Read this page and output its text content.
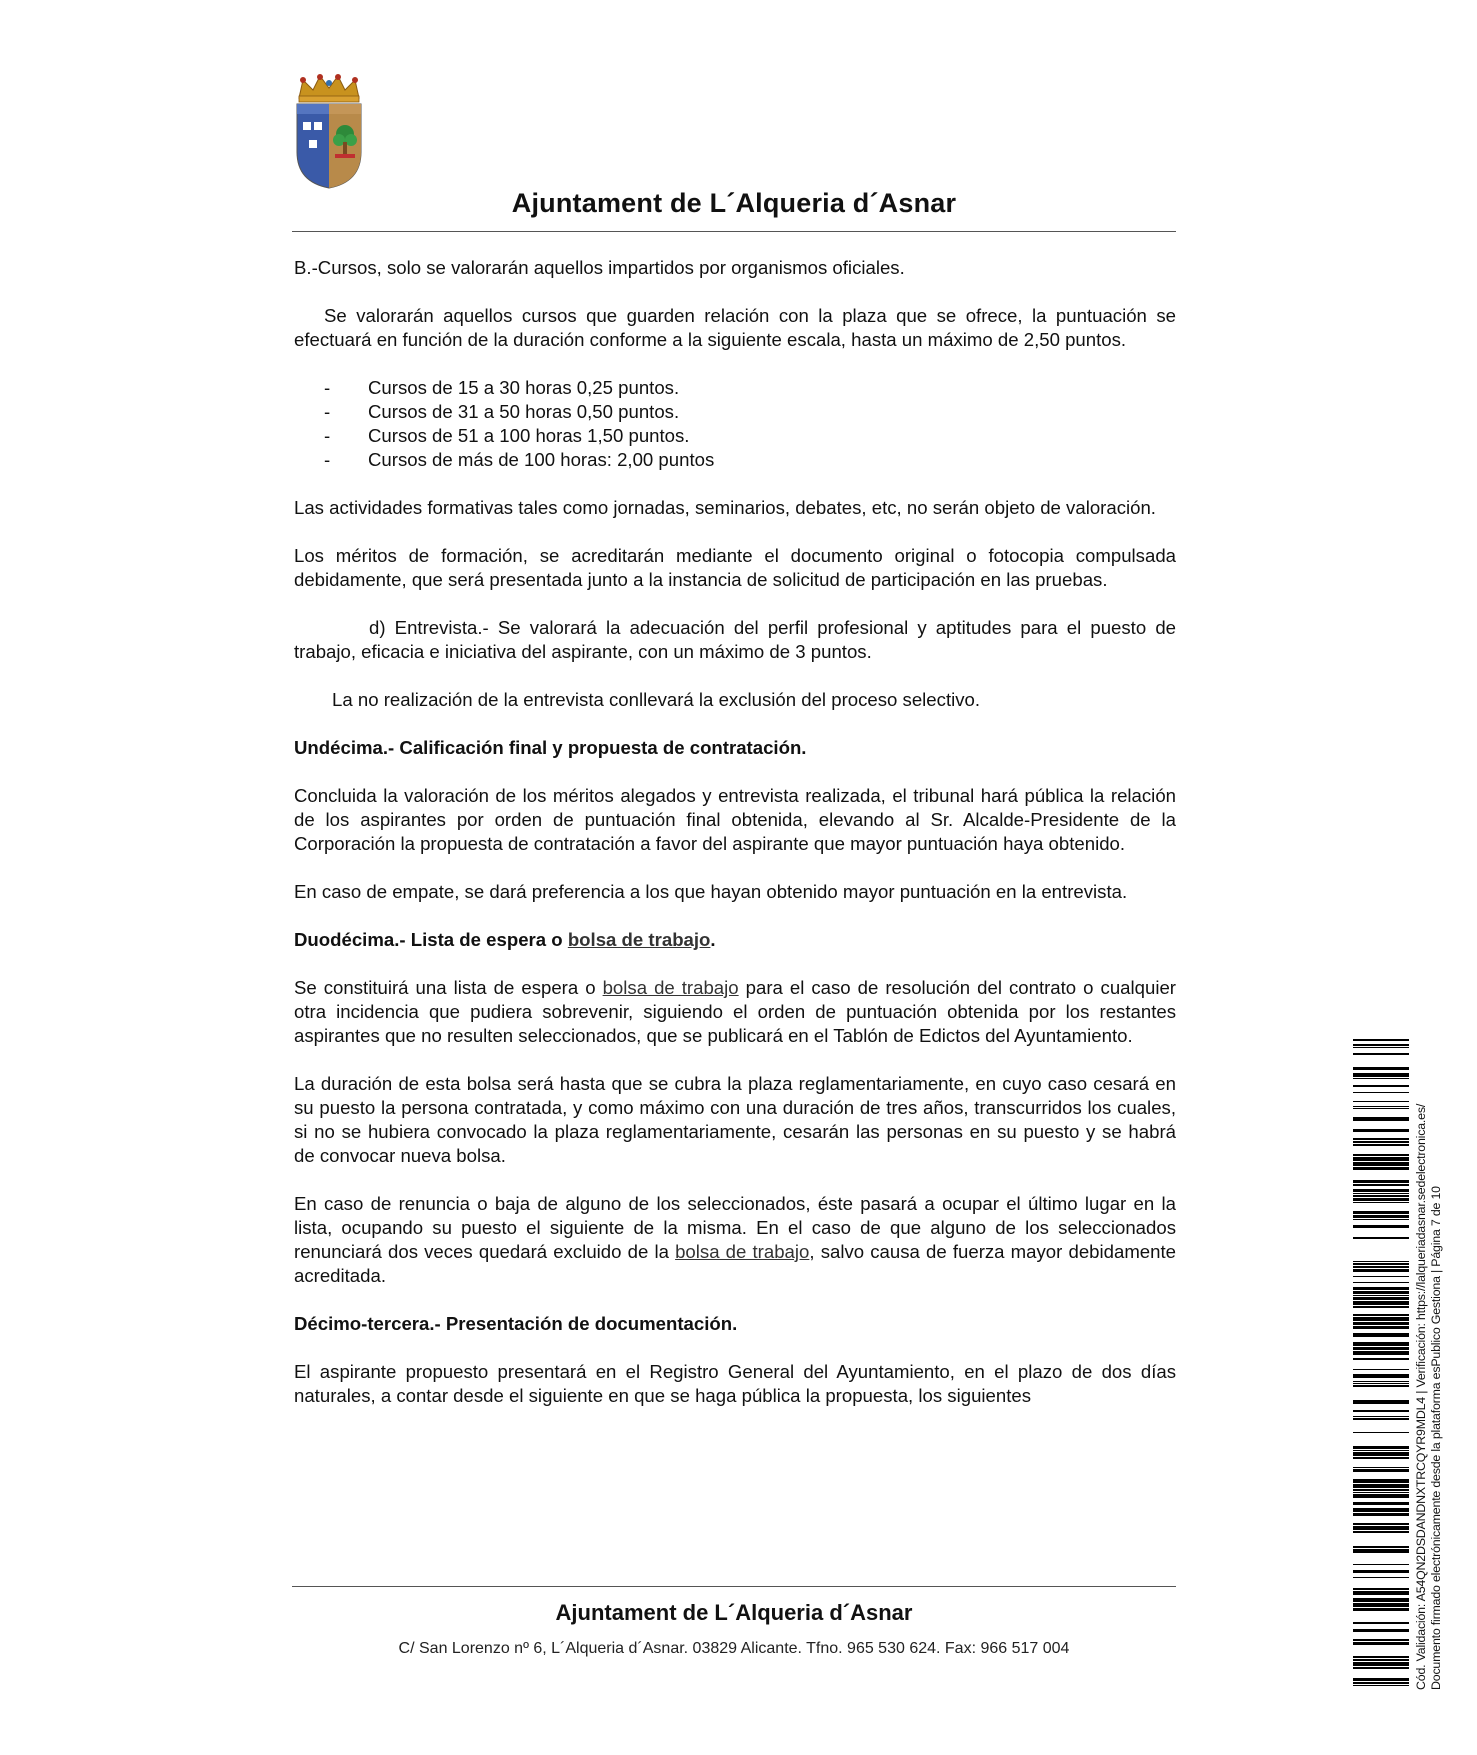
Ajuntament de L´Alqueria d´Asnar

B.-Cursos, solo se valorarán aquellos impartidos por organismos oficiales.

Se valorarán aquellos cursos que guarden relación con la plaza que se ofrece, la puntuación se efectuará en función de la duración conforme a la siguiente escala, hasta un máximo de 2,50 puntos.

- Cursos de 15 a 30 horas 0,25 puntos.
- Cursos de 31 a 50 horas 0,50 puntos.
- Cursos de 51 a 100 horas 1,50 puntos.
- Cursos de más de 100 horas: 2,00 puntos

Las actividades formativas tales como jornadas, seminarios, debates, etc, no serán objeto de valoración.

Los méritos de formación, se acreditarán mediante el documento original o fotocopia compulsada debidamente, que será presentada junto a la instancia de solicitud de participación en las pruebas.

d) Entrevista.- Se valorará la adecuación del perfil profesional y aptitudes para el puesto de trabajo, eficacia e iniciativa del aspirante, con un máximo de 3 puntos.

La no realización de la entrevista conllevará la exclusión del proceso selectivo.

Undécima.- Calificación final y propuesta de contratación.

Concluida la valoración de los méritos alegados y entrevista realizada, el tribunal hará pública la relación de los aspirantes por orden de puntuación final obtenida, elevando al Sr. Alcalde-Presidente de la Corporación la propuesta de contratación a favor del aspirante que mayor puntuación haya obtenido.

En caso de empate, se dará preferencia a los que hayan obtenido mayor puntuación en la entrevista.

Duodécima.- Lista de espera o bolsa de trabajo.

Se constituirá una lista de espera o bolsa de trabajo para el caso de resolución del contrato o cualquier otra incidencia que pudiera sobrevenir, siguiendo el orden de puntuación obtenida por los restantes aspirantes que no resulten seleccionados, que se publicará en el Tablón de Edictos del Ayuntamiento.

La duración de esta bolsa será hasta que se cubra la plaza reglamentariamente, en cuyo caso cesará en su puesto la persona contratada, y como máximo con una duración de tres años, transcurridos los cuales, si no se hubiera convocado la plaza reglamentariamente, cesarán las personas en su puesto y se habrá de convocar nueva bolsa.

En caso de renuncia o baja de alguno de los seleccionados, éste pasará a ocupar el último lugar en la lista, ocupando su puesto el siguiente de la misma. En el caso de que alguno de los seleccionados renunciará dos veces quedará excluido de la bolsa de trabajo, salvo causa de fuerza mayor debidamente acreditada.

Décimo-tercera.- Presentación de documentación.

El aspirante propuesto presentará en el Registro General del Ayuntamiento, en el plazo de dos días naturales, a contar desde el siguiente en que se haga pública la propuesta, los siguientes

Ajuntament de L´Alqueria d´Asnar
C/ San Lorenzo nº 6, L´Alqueria d´Asnar. 03829 Alicante. Tfno. 965 530 624. Fax: 966 517 004	Cód. Validación: A54QN2DSDANDNXTRCQYR9MDL4 | Verificación: https://lalqueriadasnar.sedelectronica.es/ Documento firmado electrónicamente desde la plataforma esPublico Gestiona | Página 7 de 10
